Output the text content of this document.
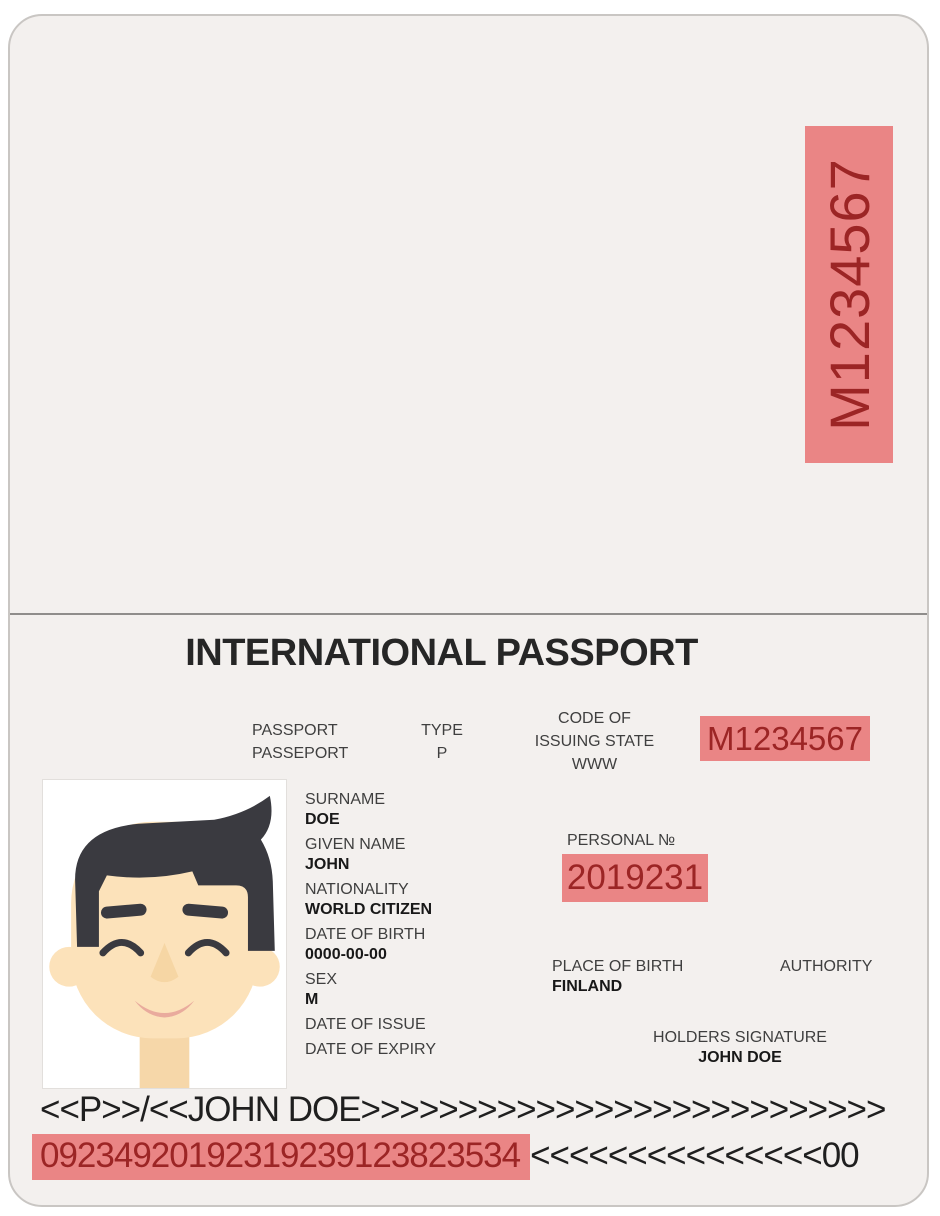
M1234567
INTERNATIONAL PASSPORT
PASSPORT
PASSEPORT
TYPE
P
CODE OF
ISSUING STATE
WWW
M1234567
SURNAME
DOE
GIVEN NAME
JOHN
NATIONALITY
WORLD CITIZEN
DATE OF BIRTH
0000-00-00
SEX
M
DATE OF ISSUE
DATE OF EXPIRY
PERSONAL №
2019231
PLACE OF BIRTH
FINLAND
AUTHORITY
HOLDERS SIGNATURE
JOHN DOE
<<P>>/<<JOHN DOE>>>>>>>>>>>>>>>>>>>>>>>>>>>
09234920192319239123823534 <<<<<<<<<<<<<<<00
